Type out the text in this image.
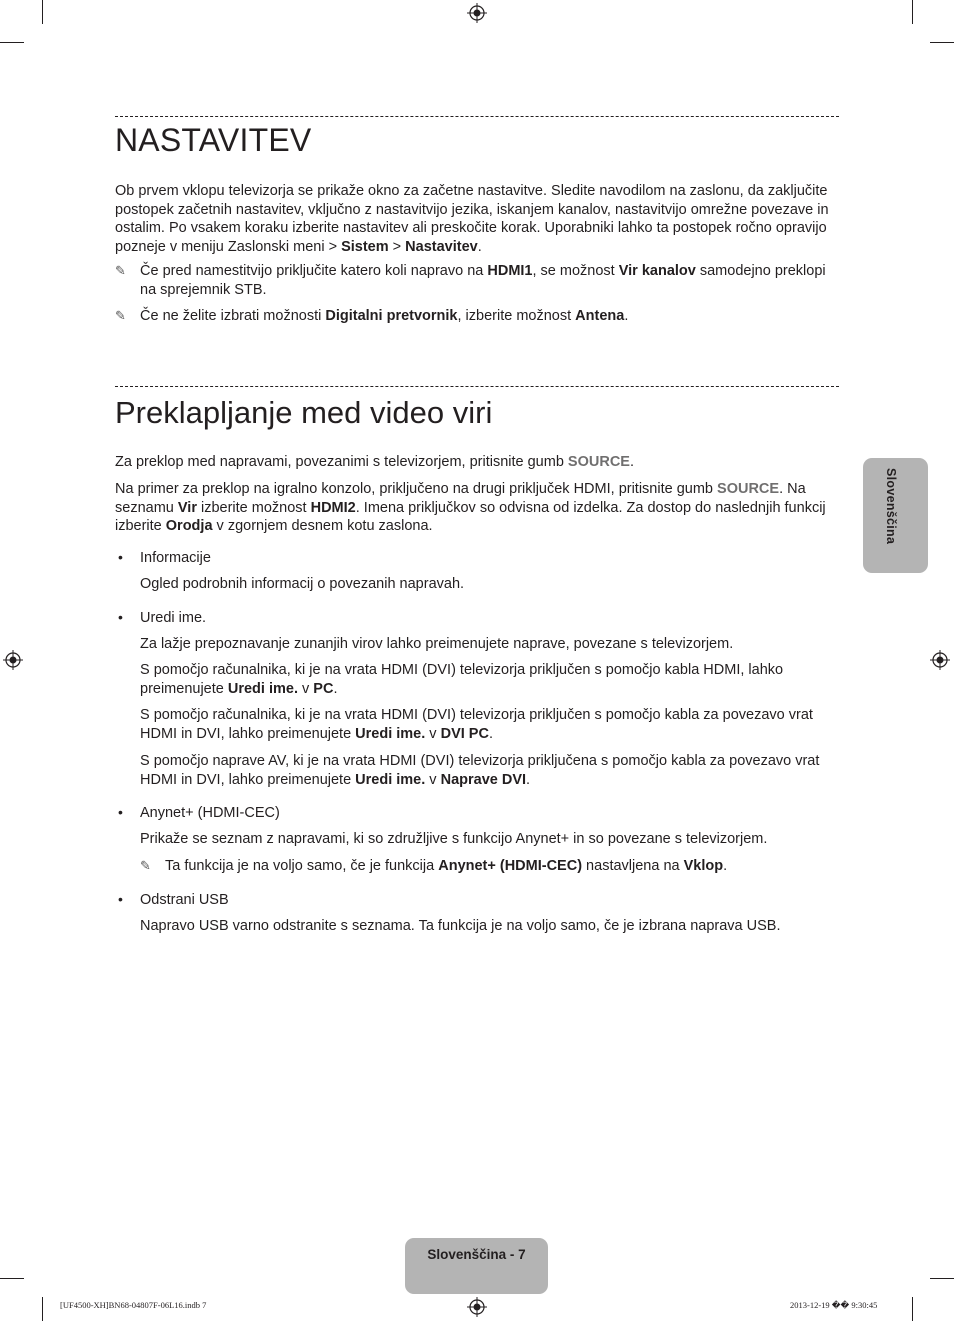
NASTAVITEV

Ob prvem vklopu televizorja se prikaže okno za začetne nastavitve. Sledite navodilom na zaslonu, da zaključite postopek začetnih nastavitev, vključno z nastavitvijo jezika, iskanjem kanalov, nastavitvijo omrežne povezave in ostalim. Po vsakem koraku izberite nastavitev ali preskočite korak. Uporabniki lahko ta postopek ročno opravijo pozneje v meniju Zaslonski meni > Sistem > Nastavitev.

✎ Če pred namestitvijo priključite katero koli napravo na HDMI1, se možnost Vir kanalov samodejno preklopi na sprejemnik STB.

✎ Če ne želite izbrati možnosti Digitalni pretvornik, izberite možnost Antena.

Preklapljanje med video viri

Za preklop med napravami, povezanimi s televizorjem, pritisnite gumb SOURCE.

Na primer za preklop na igralno konzolo, priključeno na drugi priključek HDMI, pritisnite gumb SOURCE. Na seznamu Vir izberite možnost HDMI2. Imena priključkov so odvisna od izdelka. Za dostop do naslednjih funkcij izberite Orodja v zgornjem desnem kotu zaslona.

• Informacije

Ogled podrobnih informacij o povezanih napravah.

• Uredi ime.

Za lažje prepoznavanje zunanjih virov lahko preimenujete naprave, povezane s televizorjem.

S pomočjo računalnika, ki je na vrata HDMI (DVI) televizorja priključen s pomočjo kabla HDMI, lahko preimenujete Uredi ime. v PC.

S pomočjo računalnika, ki je na vrata HDMI (DVI) televizorja priključen s pomočjo kabla za povezavo vrat HDMI in DVI, lahko preimenujete Uredi ime. v DVI PC.

S pomočjo naprave AV, ki je na vrata HDMI (DVI) televizorja priključena s pomočjo kabla za povezavo vrat HDMI in DVI, lahko preimenujete Uredi ime. v Naprave DVI.

• Anynet+ (HDMI-CEC)

Prikaže se seznam z napravami, ki so združljive s funkcijo Anynet+ in so povezane s televizorjem.

✎ Ta funkcija je na voljo samo, če je funkcija Anynet+ (HDMI-CEC) nastavljena na Vklop.

• Odstrani USB

Napravo USB varno odstranite s seznama. Ta funkcija je na voljo samo, če je izbrana naprava USB.

Slovenščina
Slovenščina - 7
[UF4500-XH]BN68-04807F-06L16.indb 7	2013-12-19 �� 9:30:45
